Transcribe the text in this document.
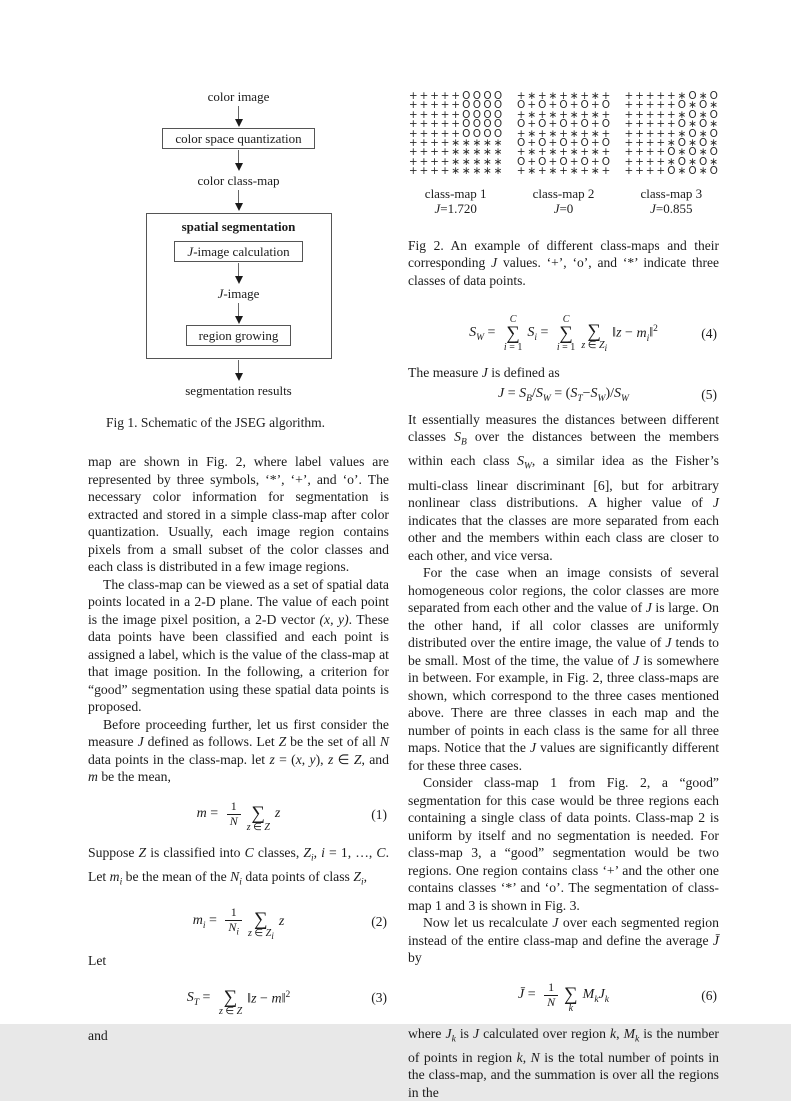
color image
color space quantization
color class-map
spatial segmentation
J-image calculation
J-image
region growing
segmentation results
Fig 1. Schematic of the JSEG algorithm.

map are shown in Fig. 2, where label values are represented by three symbols, ‘*’, ‘+’, and ‘o’. The necessary color information for segmentation is extracted and stored in a simple class-map after color quantization. Usually, each image region contains pixels from a small subset of the color classes and each class is distributed in a few image regions.

The class-map can be viewed as a set of spatial data points located in a 2-D plane. The value of each point is the image pixel position, a 2-D vector (x, y). These data points have been classified and each point is assigned a label, which is the value of the class-map at that image position. In the following, a criterion for “good” segmentation using these spatial data points is proposed.

Before proceeding further, let us first consider the measure J defined as follows. Let Z be the set of all N data points in the class-map. let z = (x, y), z ∈ Z, and m be the mean,

$m = \frac{1}{N}$ ∑
z ∈ Z
z	(1)

Suppose Z is classified into C classes, $Z_i$, i = 1, …, C. Let $m_i$ be the mean of the $N_i$ data points of class $Z_i$,

$m_i = \frac{1}{N_i}$ ∑
z ∈ $Z_i$
z	(2)
Let
$S_T$ = ∑
z ∈ Z
‖z − m‖$^2$	(3)
and
+ + + + + O O O O
+ + + + + O O O O
+ + + + + O O O O
+ + + + + O O O O
+ + + + + O O O O
+ + + + ∗ ∗ ∗ ∗ ∗
+ + + + ∗ ∗ ∗ ∗ ∗
+ + + + ∗ ∗ ∗ ∗ ∗
+ + + + ∗ ∗ ∗ ∗ ∗
class-map 1
J=1.720
+ ∗ + ∗ + ∗ + ∗ +
O + O + O + O + O
+ ∗ + ∗ + ∗ + ∗ +
O + O + O + O + O
+ ∗ + ∗ + ∗ + ∗ +
O + O + O + O + O
+ ∗ + ∗ + ∗ + ∗ +
O + O + O + O + O
+ ∗ + ∗ + ∗ + ∗ +
class-map 2
J=0
+ + + + + ∗ O ∗ O
+ + + + + O ∗ O ∗
+ + + + + ∗ O ∗ O
+ + + + + O ∗ O ∗
+ + + + + ∗ O ∗ O
+ + + + ∗ O ∗ O ∗
+ + + + O ∗ O ∗ O
+ + + + ∗ O ∗ O ∗
+ + + + O ∗ O ∗ O
class-map 3
J=0.855
Fig 2. An example of different class-maps and their corresponding J values. ‘+’, ‘o’, and ‘*’ indicate three classes of data points.
$S_W$ =
C
∑
i = 1
$S_i$ =
C
∑
i = 1
∑
z ∈ $Z_i$
‖z − $m_i‖^2$	(4)

The measure J is defined as

$J = S_B/S_W = (S_T-S_W)/S_W$	(5)

It essentially measures the distances between different classes $S_B$ over the distances between the members within each class $S_W$, a similar idea as the Fisher’s multi-class linear discriminant [6], but for arbitrary nonlinear class distributions. A higher value of J indicates that the classes are more separated from each other and the members within each class are closer to each other, and vice versa.

For the case when an image consists of several homogeneous color regions, the color classes are more separated from each other and the value of J is large. On the other hand, if all color classes are uniformly distributed over the entire image, the value of J tends to be small. Most of the time, the value of J is somewhere in between. For example, in Fig. 2, three class-maps are shown, which correspond to the three cases mentioned above. There are three classes in each map and the number of points in each class is the same for all three maps. Notice that the J values are significantly different for these three cases.

Consider class-map 1 from Fig. 2, a “good” segmentation for this case would be three regions each containing a single class of data points. Class-map 2 is uniform by itself and no segmentation is needed. For class-map 3, a “good” segmentation would be two regions. One region contains class ‘+’ and the other one contains classes ‘*’ and ‘o’. The segmentation of class-map 1 and 3 is shown in Fig. 3.

Now let us recalculate J over each segmented region instead of the entire class-map and define the average J̄ by

J̄ = $\frac{1}{N}$ ∑
k
$M_kJ_k$	(6)

where $J_k$ is J calculated over region k, $M_k$ is the number of points in region k, N is the total number of points in the class-map, and the summation is over all the regions in the
